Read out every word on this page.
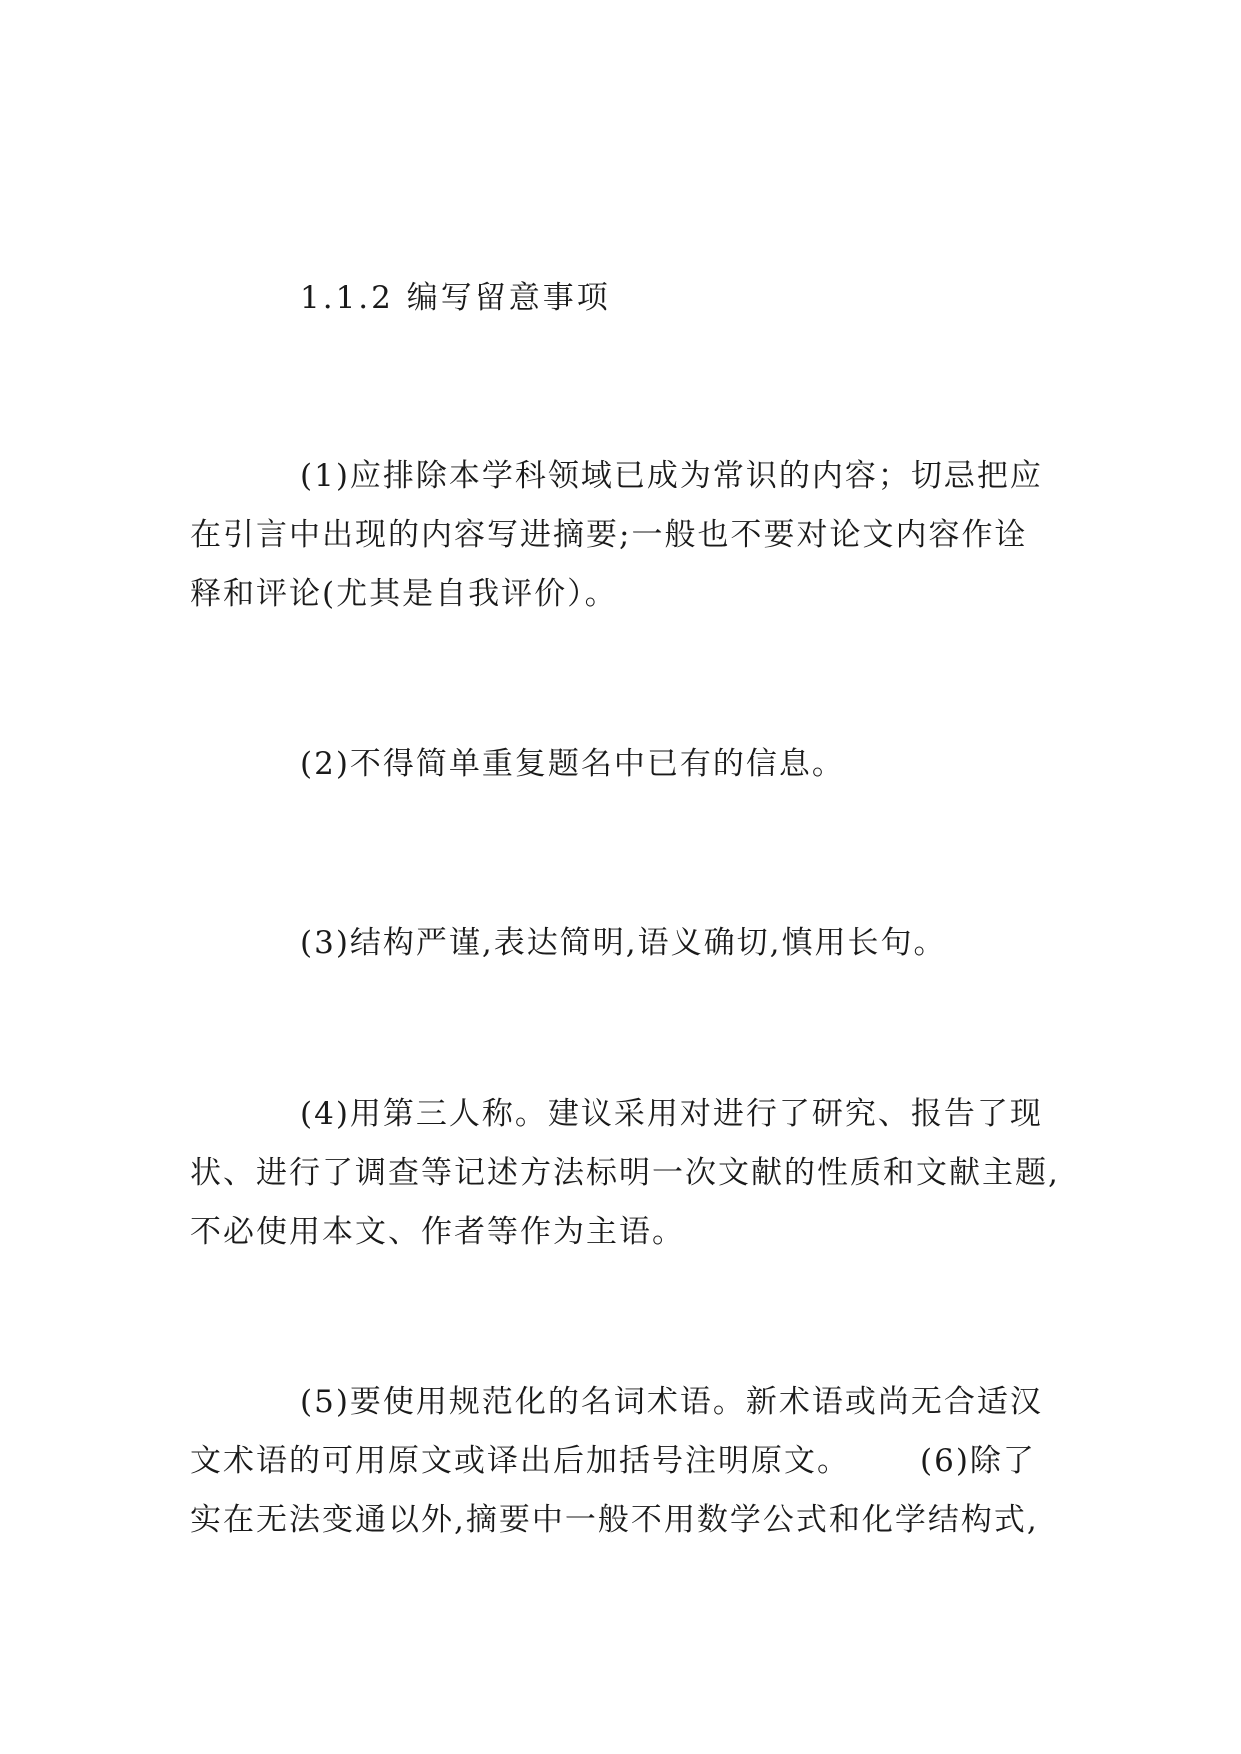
1.1.2 编写留意事项
(1)应排除本学科领域已成为常识的内容；切忌把应
在引言中出现的内容写进摘要;一般也不要对论文内容作诠
释和评论(尤其是自我评价）。
(2)不得简单重复题名中已有的信息。
(3)结构严谨,表达简明,语义确切,慎用长句。
(4)用第三人称。建议采用对进行了研究、报告了现
状、进行了调查等记述方法标明一次文献的性质和文献主题,
不必使用本文、作者等作为主语。
(5)要使用规范化的名词术语。新术语或尚无合适汉
文术语的可用原文或译出后加括号注明原文。 (6)除了
实在无法变通以外,摘要中一般不用数学公式和化学结构式,
